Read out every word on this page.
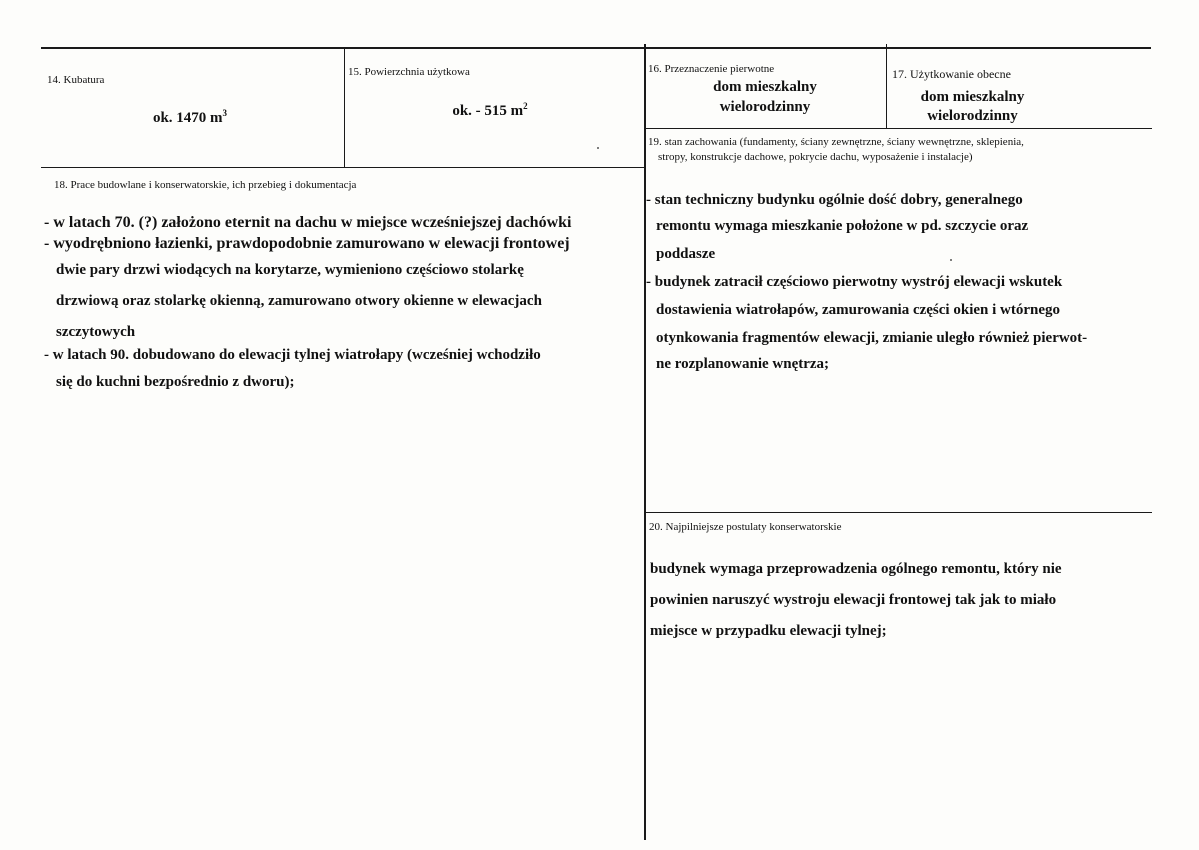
14. Kubatura
ok. 1470 $m^3$
15. Powierzchnia użytkowa
ok. - 515 $m^2$
16. Przeznaczenie pierwotne
dom mieszkalny
wielorodzinny
17. Użytkowanie obecne
dom mieszkalny
wielorodzinny
18. Prace budowlane i konserwatorskie, ich przebieg i dokumentacja
- w latach 70. (?) założono eternit na dachu w miejsce wcześniejszej dachówki
- wyodrębniono łazienki, prawdopodobnie zamurowano w elewacji frontowej
dwie pary drzwi wiodących na korytarze, wymieniono częściowo stolarkę
drzwiową oraz stolarkę okienną, zamurowano otwory okienne w elewacjach
szczytowych
- w latach 90. dobudowano do elewacji tylnej wiatrołapy (wcześniej wchodziło
się do kuchni bezpośrednio z dworu);
19. stan zachowania (fundamenty, ściany zewnętrzne, ściany wewnętrzne, sklepienia,
stropy, konstrukcje dachowe, pokrycie dachu, wyposażenie i instalacje)
- stan techniczny budynku ogólnie dość dobry, generalnego
remontu wymaga mieszkanie położone w pd. szczycie oraz
poddasze
- budynek zatracił częściowo pierwotny wystrój elewacji wskutek
dostawienia wiatrołapów, zamurowania części okien i wtórnego
otynkowania fragmentów elewacji, zmianie uległo również pierwot-
ne rozplanowanie wnętrza;
20. Najpilniejsze postulaty konserwatorskie
budynek wymaga przeprowadzenia ogólnego remontu, który nie
powinien naruszyć wystroju elewacji frontowej tak jak to miało
miejsce w przypadku elewacji tylnej;
